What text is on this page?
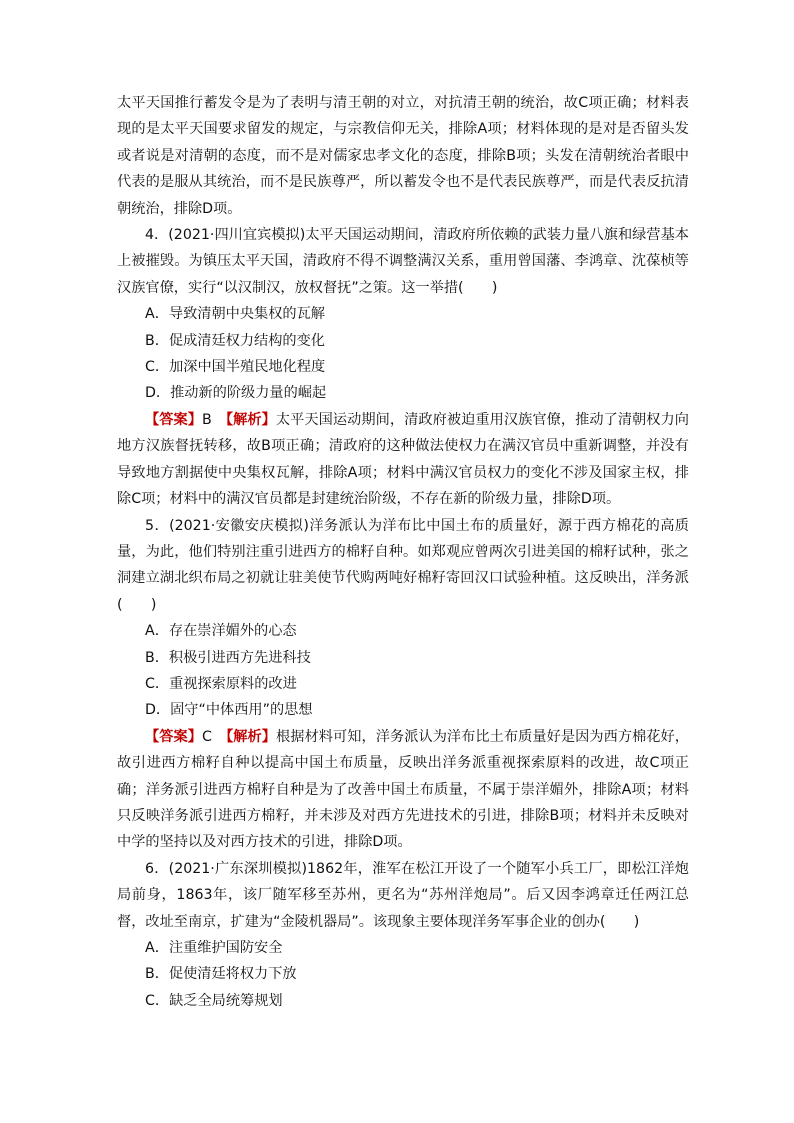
太平天国推行蓄发令是为了表明与清王朝的对立，对抗清王朝的统治，故C项正确；材料表现的是太平天国要求留发的规定，与宗教信仰无关，排除A项；材料体现的是对是否留头发或者说是对清朝的态度，而不是对儒家忠孝文化的态度，排除B项；头发在清朝统治者眼中代表的是服从其统治，而不是民族尊严，所以蓄发令也不是代表民族尊严，而是代表反抗清朝统治，排除D项。

4．(2021·四川宜宾模拟)太平天国运动期间，清政府所依赖的武装力量八旗和绿营基本上被摧毁。为镇压太平天国，清政府不得不调整满汉关系，重用曾国藩、李鸿章、沈葆桢等汉族官僚，实行“以汉制汉，放权督抚”之策。这一举措(　　)

A．导致清朝中央集权的瓦解

B．促成清廷权力结构的变化

C．加深中国半殖民地化程度

D．推动新的阶级力量的崛起

【答案】B　【解析】太平天国运动期间，清政府被迫重用汉族官僚，推动了清朝权力向地方汉族督抚转移，故B项正确；清政府的这种做法使权力在满汉官员中重新调整，并没有导致地方割据使中央集权瓦解，排除A项；材料中满汉官员权力的变化不涉及国家主权，排除C项；材料中的满汉官员都是封建统治阶级，不存在新的阶级力量，排除D项。

5．(2021·安徽安庆模拟)洋务派认为洋布比中国土布的质量好，源于西方棉花的高质量，为此，他们特别注重引进西方的棉籽自种。如郑观应曾两次引进美国的棉籽试种，张之洞建立湖北织布局之初就让驻美使节代购两吨好棉籽寄回汉口试验种植。这反映出，洋务派(　　)

A．存在崇洋媚外的心态

B．积极引进西方先进科技

C．重视探索原料的改进

D．固守“中体西用”的思想

【答案】C　【解析】根据材料可知，洋务派认为洋布比土布质量好是因为西方棉花好，故引进西方棉籽自种以提高中国土布质量，反映出洋务派重视探索原料的改进，故C项正确；洋务派引进西方棉籽自种是为了改善中国土布质量，不属于崇洋媚外，排除A项；材料只反映洋务派引进西方棉籽，并未涉及对西方先进技术的引进，排除B项；材料并未反映对中学的坚持以及对西方技术的引进，排除D项。

6．(2021·广东深圳模拟)1862年，淮军在松江开设了一个随军小兵工厂，即松江洋炮局前身，1863年，该厂随军移至苏州，更名为“苏州洋炮局”。后又因李鸿章迁任两江总督，改址至南京，扩建为“金陵机器局”。该现象主要体现洋务军事企业的创办(　　)

A．注重维护国防安全

B．促使清廷将权力下放

C．缺乏全局统筹规划
